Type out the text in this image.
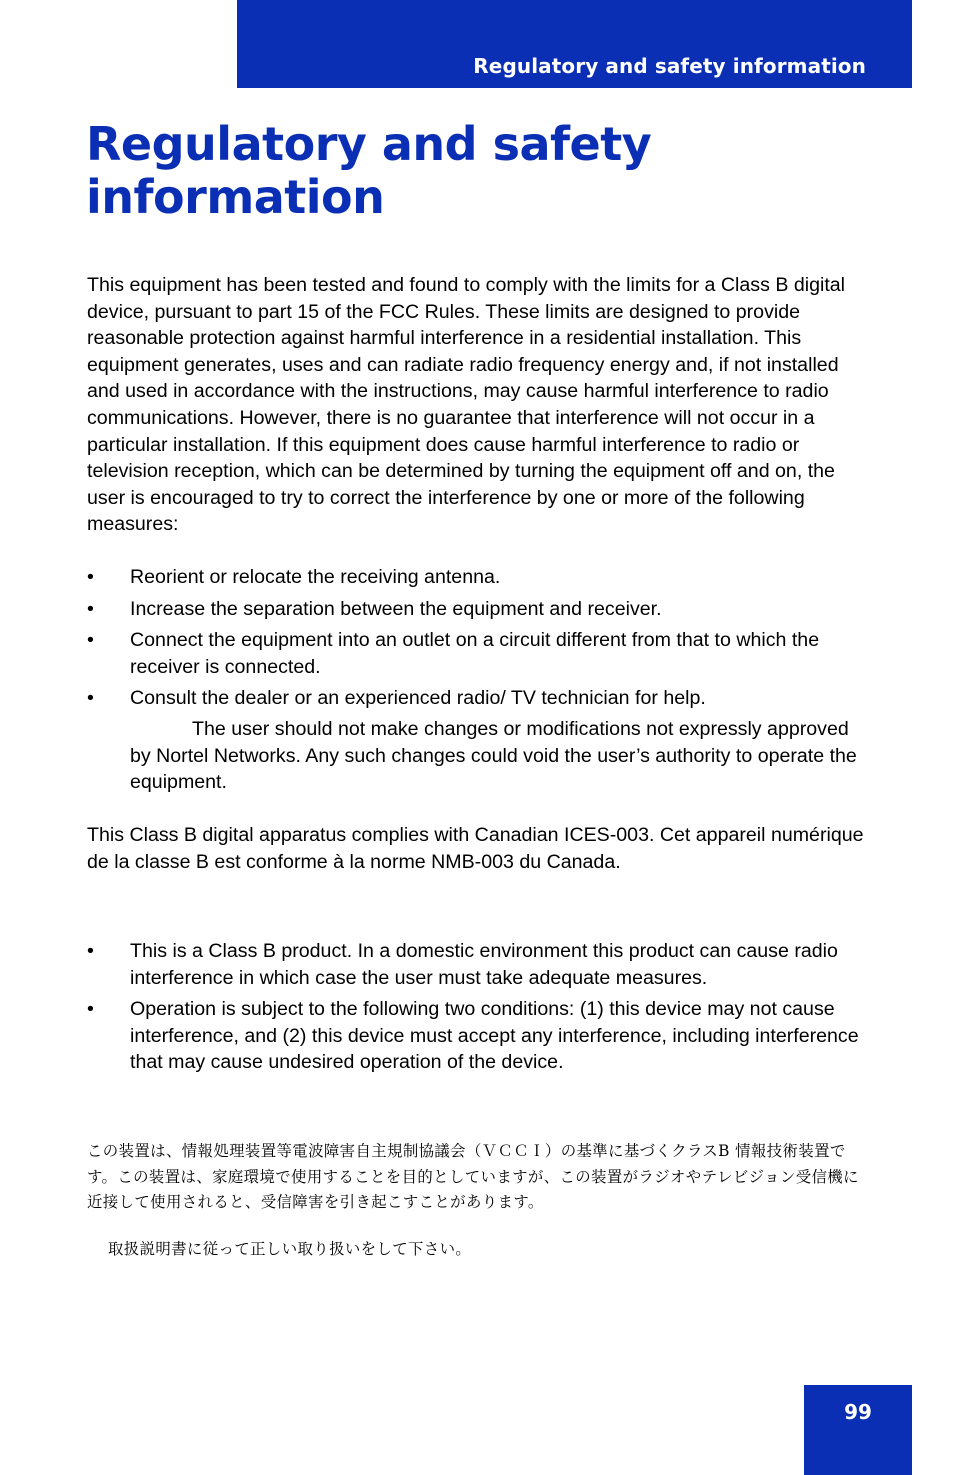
Regulatory and safety information
Regulatory and safety information

This equipment has been tested and found to comply with the limits for a Class B digital device, pursuant to part 15 of the FCC Rules. These limits are designed to provide reasonable protection against harmful interference in a residential installation. This equipment generates, uses and can radiate radio frequency energy and, if not installed and used in accordance with the instructions, may cause harmful interference to radio communications. However, there is no guarantee that interference will not occur in a particular installation. If this equipment does cause harmful interference to radio or television reception, which can be determined by turning the equipment off and on, the user is encouraged to try to correct the interference by one or more of the following measures:

• Reorient or relocate the receiving antenna.
• Increase the separation between the equipment and receiver.
• Connect the equipment into an outlet on a circuit different from that to which the receiver is connected.
• Consult the dealer or an experienced radio/ TV technician for help.

The user should not make changes or modifications not expressly approved by Nortel Networks. Any such changes could void the user’s authority to operate the equipment.

This Class B digital apparatus complies with Canadian ICES-003. Cet appareil numérique de la classe B est conforme à la norme NMB-003 du Canada.

• This is a Class B product. In a domestic environment this product can cause radio interference in which case the user must take adequate measures.
• Operation is subject to the following two conditions: (1) this device may not cause interference, and (2) this device must accept any interference, including interference that may cause undesired operation of the device.

この装置は、情報処理装置等電波障害自主規制協議会（ＶＣＣＩ）の基準に基づくクラスB 情報技術装置です。この装置は、家庭環境で使用することを目的としていますが、この装置がラジオやテレビジョン受信機に近接して使用されると、受信障害を引き起こすことがあります。

取扱説明書に従って正しい取り扱いをして下さい。

99
